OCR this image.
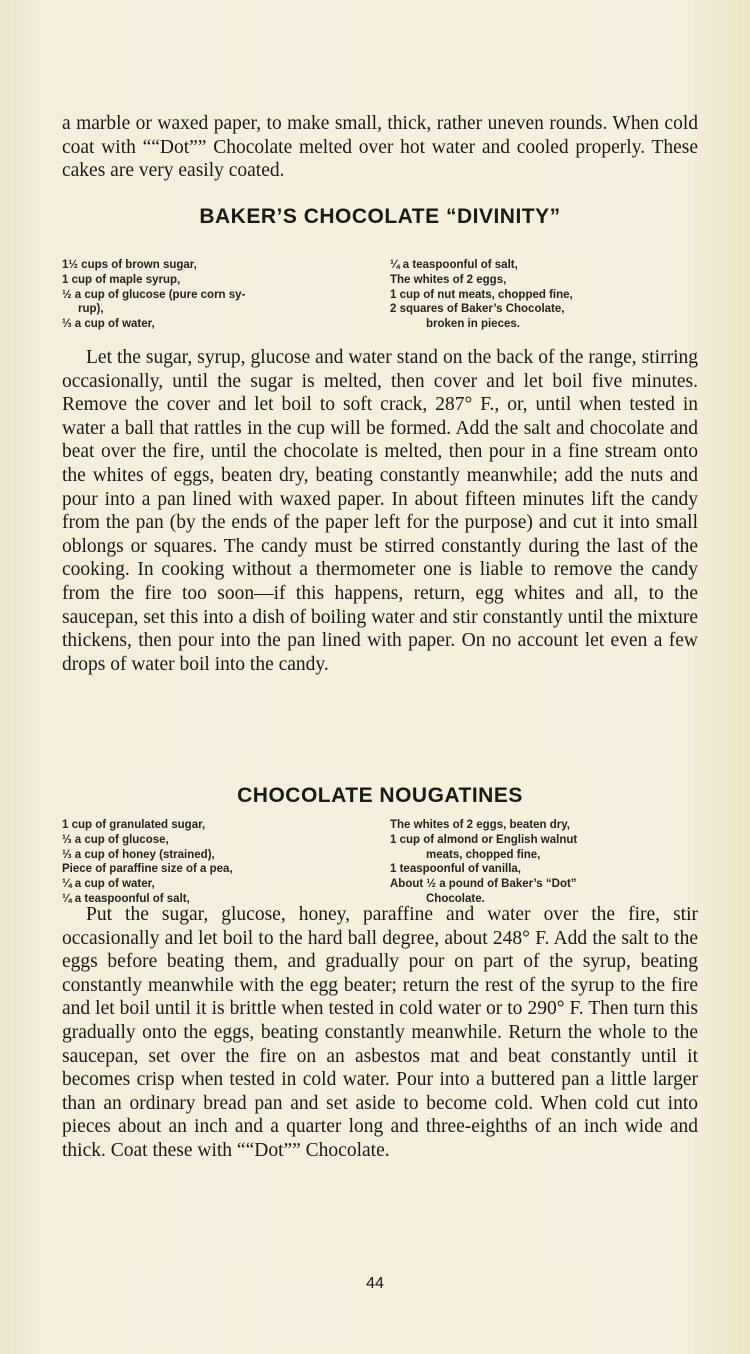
a marble or waxed paper, to make small, thick, rather uneven rounds. When cold coat with ““Dot”” Chocolate melted over hot water and cooled properly. These cakes are very easily coated.

BAKER’S CHOCOLATE “DIVINITY”
1½ cups of brown sugar,
1 cup of maple syrup,
½ a cup of glucose (pure corn sy-
rup),
⅓ a cup of water,
¼ a teaspoonful of salt,
The whites of 2 eggs,
1 cup of nut meats, chopped fine,
2 squares of Baker’s Chocolate,
broken in pieces.

Let the sugar, syrup, glucose and water stand on the back of the range, stirring occasionally, until the sugar is melted, then cover and let boil five minutes. Remove the cover and let boil to soft crack, 287° F., or, until when tested in water a ball that rattles in the cup will be formed. Add the salt and chocolate and beat over the fire, until the chocolate is melted, then pour in a fine stream onto the whites of eggs, beaten dry, beating constantly meanwhile; add the nuts and pour into a pan lined with waxed paper. In about fifteen minutes lift the candy from the pan (by the ends of the paper left for the purpose) and cut it into small oblongs or squares. The candy must be stirred constantly during the last of the cooking. In cooking without a thermometer one is liable to remove the candy from the fire too soon—if this happens, return, egg whites and all, to the saucepan, set this into a dish of boiling water and stir constantly until the mixture thickens, then pour into the pan lined with paper. On no account let even a few drops of water boil into the candy.

CHOCOLATE NOUGATINES
1 cup of granulated sugar,
⅓ a cup of glucose,
⅓ a cup of honey (strained),
Piece of paraffine size of a pea,
¼ a cup of water,
¼ a teaspoonful of salt,
The whites of 2 eggs, beaten dry,
1 cup of almond or English walnut
meats, chopped fine,
1 teaspoonful of vanilla,
About ½ a pound of Baker’s “Dot”
Chocolate.

Put the sugar, glucose, honey, paraffine and water over the fire, stir occasionally and let boil to the hard ball degree, about 248° F. Add the salt to the eggs before beating them, and gradually pour on part of the syrup, beating constantly meanwhile with the egg beater; return the rest of the syrup to the fire and let boil until it is brittle when tested in cold water or to 290° F. Then turn this gradually onto the eggs, beating constantly meanwhile. Return the whole to the saucepan, set over the fire on an asbestos mat and beat constantly until it becomes crisp when tested in cold water. Pour into a buttered pan a little larger than an ordinary bread pan and set aside to become cold. When cold cut into pieces about an inch and a quarter long and three-eighths of an inch wide and thick. Coat these with ““Dot”” Chocolate.

44
